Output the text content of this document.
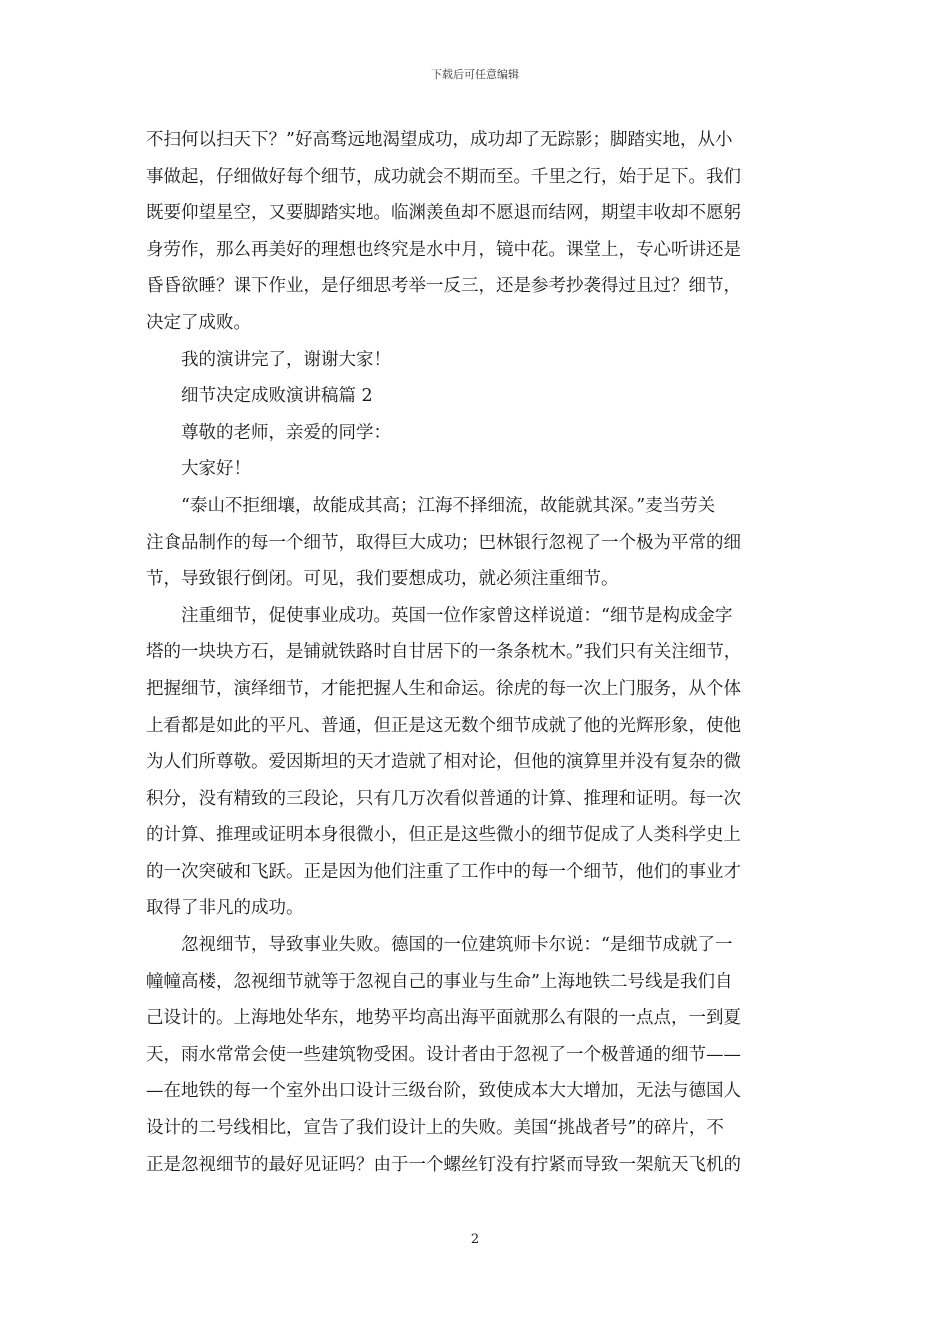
下载后可任意编辑

不扫何以扫天下？”好高骛远地渴望成功，成功却了无踪影；脚踏实地，从小
事做起，仔细做好每个细节，成功就会不期而至。千里之行，始于足下。我们
既要仰望星空，又要脚踏实地。临渊羡鱼却不愿退而结网，期望丰收却不愿躬
身劳作，那么再美好的理想也终究是水中月，镜中花。课堂上，专心听讲还是
昏昏欲睡？课下作业，是仔细思考举一反三，还是参考抄袭得过且过？细节，
决定了成败。

我的演讲完了，谢谢大家！

细节决定成败演讲稿篇 2

尊敬的老师，亲爱的同学：

大家好！

“泰山不拒细壤，故能成其高；江海不择细流，故能就其深。”麦当劳关
注食品制作的每一个细节，取得巨大成功；巴林银行忽视了一个极为平常的细
节，导致银行倒闭。可见，我们要想成功，就必须注重细节。

注重细节，促使事业成功。英国一位作家曾这样说道：“细节是构成金字
塔的一块块方石，是铺就铁路时自甘居下的一条条枕木。”我们只有关注细节，
把握细节，演绎细节，才能把握人生和命运。徐虎的每一次上门服务，从个体
上看都是如此的平凡、普通，但正是这无数个细节成就了他的光辉形象，使他
为人们所尊敬。爱因斯坦的天才造就了相对论，但他的演算里并没有复杂的微
积分，没有精致的三段论，只有几万次看似普通的计算、推理和证明。每一次
的计算、推理或证明本身很微小，但正是这些微小的细节促成了人类科学史上
的一次突破和飞跃。正是因为他们注重了工作中的每一个细节，他们的事业才
取得了非凡的成功。

忽视细节，导致事业失败。德国的一位建筑师卡尔说：“是细节成就了一
幢幢高楼，忽视细节就等于忽视自己的事业与生命”上海地铁二号线是我们自
己设计的。上海地处华东，地势平均高出海平面就那么有限的一点点，一到夏
天，雨水常常会使一些建筑物受困。设计者由于忽视了一个极普通的细节——
—在地铁的每一个室外出口设计三级台阶，致使成本大大增加，无法与德国人
设计的二号线相比，宣告了我们设计上的失败。美国“挑战者号”的碎片，不
正是忽视细节的最好见证吗？由于一个螺丝钉没有拧紧而导致一架航天飞机的

2
